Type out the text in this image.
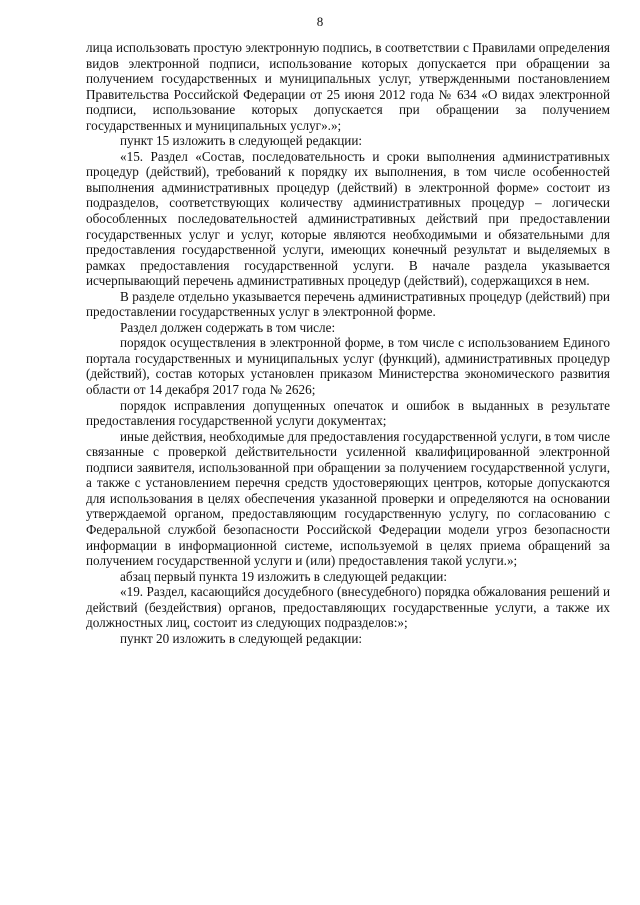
8

лица использовать простую электронную подпись, в соответствии с Правилами определения видов электронной подписи, использование которых допускается при обращении за получением государственных и муниципальных услуг, утвержденными постановлением Правительства Российской Федерации от 25 июня 2012 года № 634 «О видах электронной подписи, использование которых допускается при обращении за получением государственных и муниципальных услуг».»;

пункт 15 изложить в следующей редакции:

«15. Раздел «Состав, последовательность и сроки выполнения административных процедур (действий), требований к порядку их выполнения, в том числе особенностей выполнения административных процедур (действий) в электронной форме» состоит из подразделов, соответствующих количеству административных процедур – логически обособленных последовательностей административных действий при предоставлении государственных услуг и услуг, которые являются необходимыми и обязательными для предоставления государственной услуги, имеющих конечный результат и выделяемых в рамках предоставления государственной услуги. В начале раздела указывается исчерпывающий перечень административных процедур (действий), содержащихся в нем.

В разделе отдельно указывается перечень административных процедур (действий) при предоставлении государственных услуг в электронной форме.

Раздел должен содержать в том числе:

порядок осуществления в электронной форме, в том числе с использованием Единого портала государственных и муниципальных услуг (функций), административных процедур (действий), состав которых установлен приказом Министерства экономического развития области от 14 декабря 2017 года № 2626;

порядок исправления допущенных опечаток и ошибок в выданных в результате предоставления государственной услуги документах;

иные действия, необходимые для предоставления государственной услуги, в том числе связанные с проверкой действительности усиленной квалифицированной электронной подписи заявителя, использованной при обращении за получением государственной услуги, а также с установлением перечня средств удостоверяющих центров, которые допускаются для использования в целях обеспечения указанной проверки и определяются на основании утверждаемой органом, предоставляющим государственную услугу, по согласованию с Федеральной службой безопасности Российской Федерации модели угроз безопасности информации в информационной системе, используемой в целях приема обращений за получением государственной услуги и (или) предоставления такой услуги.»;

абзац первый пункта 19 изложить в следующей редакции:

«19. Раздел, касающийся досудебного (внесудебного) порядка обжалования решений и действий (бездействия) органов, предоставляющих государственные услуги, а также их должностных лиц, состоит из следующих подразделов:»;

пункт 20 изложить в следующей редакции:
